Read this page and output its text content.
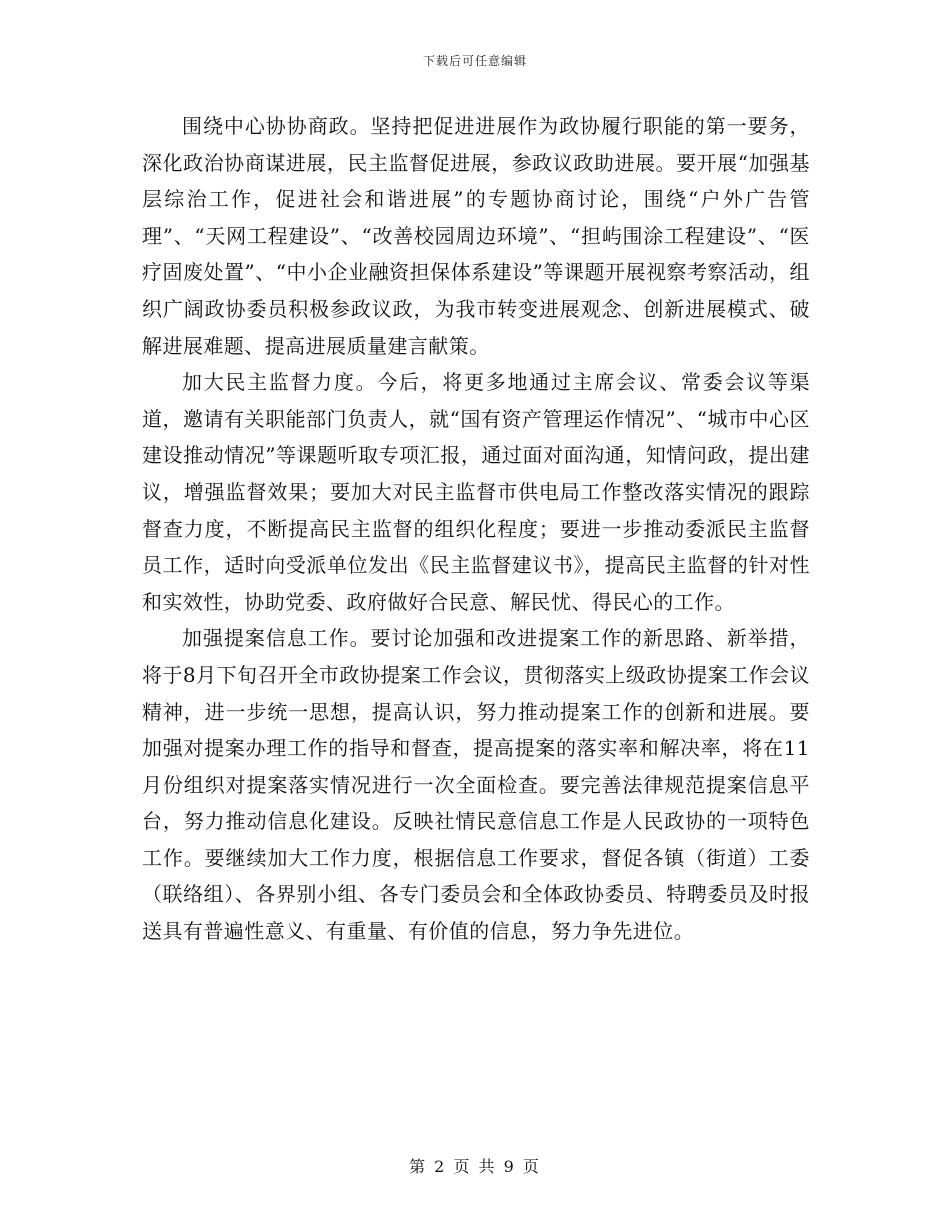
下载后可任意编辑

围绕中心协协商政。坚持把促进进展作为政协履行职能的第一要务，深化政治协商谋进展，民主监督促进展，参政议政助进展。要开展“加强基层综治工作，促进社会和谐进展”的专题协商讨论，围绕“户外广告管理”、“天网工程建设”、“改善校园周边环境”、“担屿围涂工程建设”、“医疗固废处置”、“中小企业融资担保体系建设”等课题开展视察考察活动，组织广阔政协委员积极参政议政，为我市转变进展观念、创新进展模式、破解进展难题、提高进展质量建言献策。

加大民主监督力度。今后，将更多地通过主席会议、常委会议等渠道，邀请有关职能部门负责人，就“国有资产管理运作情况”、“城市中心区建设推动情况”等课题听取专项汇报，通过面对面沟通，知情问政，提出建议，增强监督效果；要加大对民主监督市供电局工作整改落实情况的跟踪督查力度，不断提高民主监督的组织化程度；要进一步推动委派民主监督员工作，适时向受派单位发出《民主监督建议书》，提高民主监督的针对性和实效性，协助党委、政府做好合民意、解民忧、得民心的工作。

加强提案信息工作。要讨论加强和改进提案工作的新思路、新举措，将于8月下旬召开全市政协提案工作会议，贯彻落实上级政协提案工作会议精神，进一步统一思想，提高认识，努力推动提案工作的创新和进展。要加强对提案办理工作的指导和督查，提高提案的落实率和解决率，将在11月份组织对提案落实情况进行一次全面检查。要完善法律规范提案信息平台，努力推动信息化建设。反映社情民意信息工作是人民政协的一项特色工作。要继续加大工作力度，根据信息工作要求，督促各镇（街道）工委（联络组）、各界别小组、各专门委员会和全体政协委员、特聘委员及时报送具有普遍性意义、有重量、有价值的信息，努力争先进位。

第 2 页 共 9 页
